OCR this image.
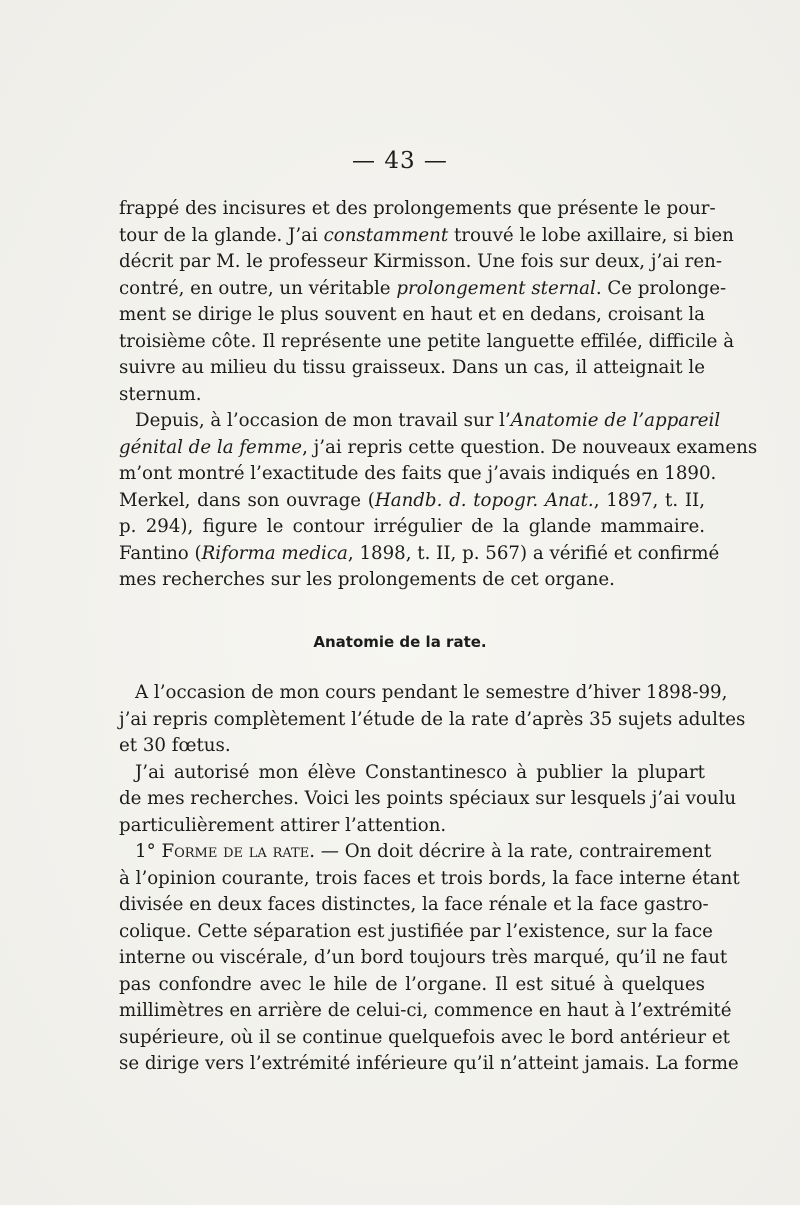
— 43 —
frappé des incisures et des prolongements que présente le pour-
tour de la glande. J’ai constamment trouvé le lobe axillaire, si bien
décrit par M. le professeur Kirmisson. Une fois sur deux, j’ai ren-
contré, en outre, un véritable prolongement sternal. Ce prolonge-
ment se dirige le plus souvent en haut et en dedans, croisant la
troisième côte. Il représente une petite languette effilée, difficile à
suivre au milieu du tissu graisseux. Dans un cas, il atteignait le
sternum.
Depuis, à l’occasion de mon travail sur l’Anatomie de l’appareil
génital de la femme, j’ai repris cette question. De nouveaux examens
m’ont montré l’exactitude des faits que j’avais indiqués en 1890.
Merkel, dans son ouvrage (Handb. d. topogr. Anat., 1897, t. II,
p. 294), figure le contour irrégulier de la glande mammaire.
Fantino (Riforma medica, 1898, t. II, p. 567) a vérifié et confirmé
mes recherches sur les prolongements de cet organe.
Anatomie de la rate.
A l’occasion de mon cours pendant le semestre d’hiver 1898-99,
j’ai repris complètement l’étude de la rate d’après 35 sujets adultes
et 30 fœtus.
J’ai autorisé mon élève Constantinesco à publier la plupart
de mes recherches. Voici les points spéciaux sur lesquels j’ai voulu
particulièrement attirer l’attention.
1° Forme de la rate. — On doit décrire à la rate, contrairement
à l’opinion courante, trois faces et trois bords, la face interne étant
divisée en deux faces distinctes, la face rénale et la face gastro-
colique. Cette séparation est justifiée par l’existence, sur la face
interne ou viscérale, d’un bord toujours très marqué, qu’il ne faut
pas confondre avec le hile de l’organe. Il est situé à quelques
millimètres en arrière de celui-ci, commence en haut à l’extrémité
supérieure, où il se continue quelquefois avec le bord antérieur et
se dirige vers l’extrémité inférieure qu’il n’atteint jamais. La forme
